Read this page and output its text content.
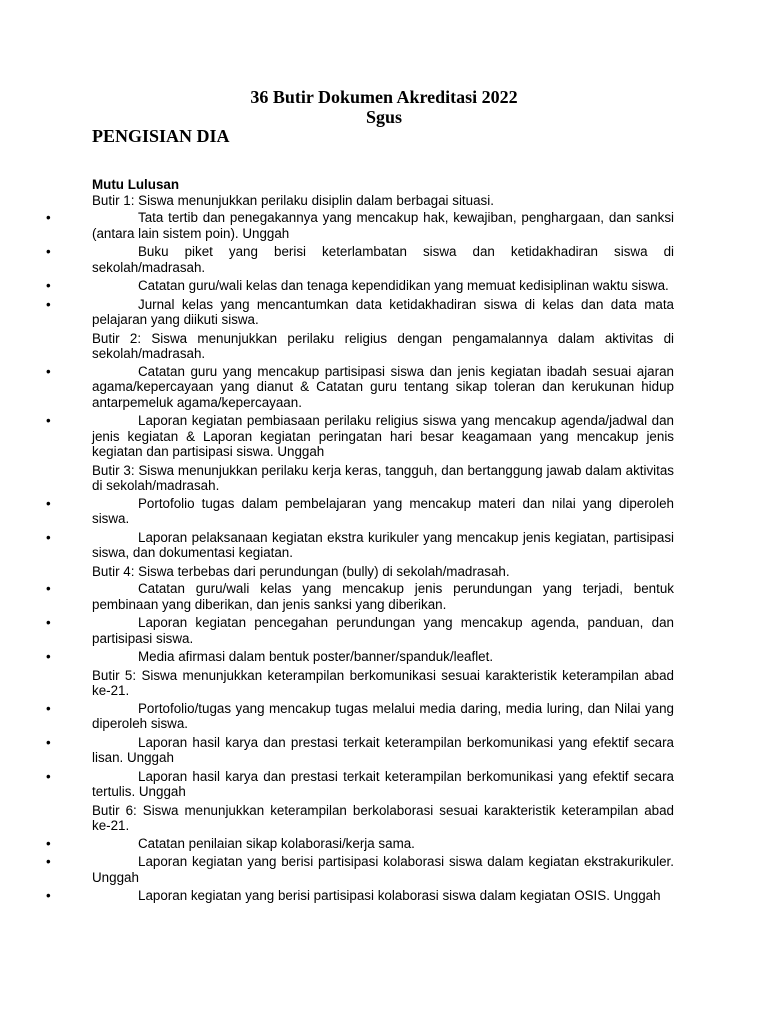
36 Butir Dokumen Akreditasi 2022
Sgus
PENGISIAN DIA
Mutu Lulusan
Butir 1: Siswa menunjukkan perilaku disiplin dalam berbagai situasi.
•	Tata tertib dan penegakannya yang mencakup hak, kewajiban, penghargaan, dan sanksi (antara lain sistem poin). Unggah
•	Buku piket yang berisi keterlambatan siswa dan ketidakhadiran siswa di sekolah/madrasah.
•	Catatan guru/wali kelas dan tenaga kependidikan yang memuat kedisiplinan waktu siswa.
•	Jurnal kelas yang mencantumkan data ketidakhadiran siswa di kelas dan data mata pelajaran yang diikuti siswa.
Butir 2: Siswa menunjukkan perilaku religius dengan pengamalannya dalam aktivitas di sekolah/madrasah.
•	Catatan guru yang mencakup partisipasi siswa dan jenis kegiatan ibadah sesuai ajaran agama/kepercayaan yang dianut & Catatan guru tentang sikap toleran dan kerukunan hidup antarpemeluk agama/kepercayaan.
•	Laporan kegiatan pembiasaan perilaku religius siswa yang mencakup agenda/jadwal dan jenis kegiatan & Laporan kegiatan peringatan hari besar keagamaan yang mencakup jenis kegiatan dan partisipasi siswa. Unggah
Butir 3: Siswa menunjukkan perilaku kerja keras, tangguh, dan bertanggung jawab dalam aktivitas di sekolah/madrasah.
•	Portofolio tugas dalam pembelajaran yang mencakup materi dan nilai yang diperoleh siswa.
•	Laporan pelaksanaan kegiatan ekstra kurikuler yang mencakup jenis kegiatan, partisipasi siswa, dan dokumentasi kegiatan.
Butir 4: Siswa terbebas dari perundungan (bully) di sekolah/madrasah.
•	Catatan guru/wali kelas yang mencakup jenis perundungan yang terjadi, bentuk pembinaan yang diberikan, dan jenis sanksi yang diberikan.
•	Laporan kegiatan pencegahan perundungan yang mencakup agenda, panduan, dan partisipasi siswa.
•	Media afirmasi dalam bentuk poster/banner/spanduk/leaflet.
Butir 5: Siswa menunjukkan keterampilan berkomunikasi sesuai karakteristik keterampilan abad ke-21.
•	Portofolio/tugas yang mencakup tugas melalui media daring, media luring, dan Nilai yang diperoleh siswa.
•	Laporan hasil karya dan prestasi terkait keterampilan berkomunikasi yang efektif secara lisan. Unggah
•	Laporan hasil karya dan prestasi terkait keterampilan berkomunikasi yang efektif secara tertulis. Unggah
Butir 6: Siswa menunjukkan keterampilan berkolaborasi sesuai karakteristik keterampilan abad ke-21.
•	Catatan penilaian sikap kolaborasi/kerja sama.
•	Laporan kegiatan yang berisi partisipasi kolaborasi siswa dalam kegiatan ekstrakurikuler. Unggah
•	Laporan kegiatan yang berisi partisipasi kolaborasi siswa dalam kegiatan OSIS. Unggah
